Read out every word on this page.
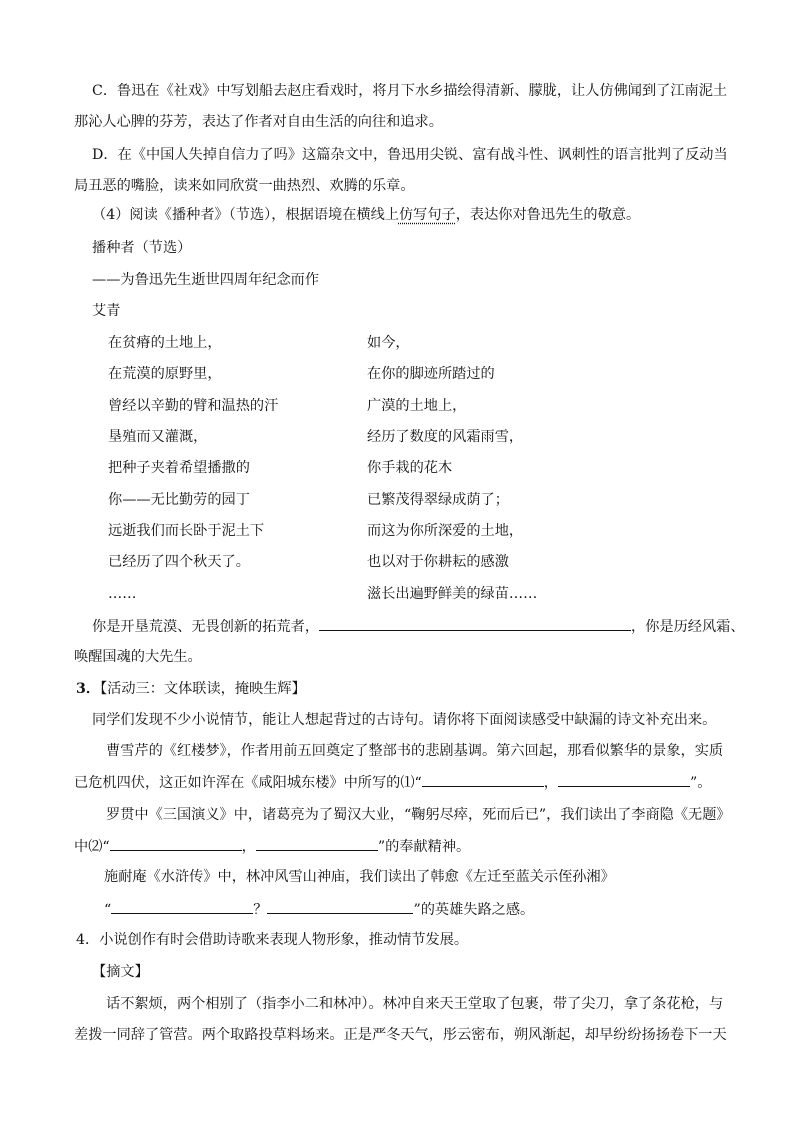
C．鲁迅在《社戏》中写划船去赵庄看戏时，将月下水乡描绘得清新、朦胧，让人仿佛闻到了江南泥土
那沁人心脾的芬芳，表达了作者对自由生活的向往和追求。
D．在《中国人失掉自信力了吗》这篇杂文中，鲁迅用尖锐、富有战斗性、讽刺性的语言批判了反动当
局丑恶的嘴脸，读来如同欣赏一曲热烈、欢腾的乐章。
（4）阅读《播种者》（节选），根据语境在横线上仿写句子，表达你对鲁迅先生的敬意。
播种者（节选）
——为鲁迅先生逝世四周年纪念而作
艾青
在贫瘠的土地上，
在荒漠的原野里，
曾经以辛勤的臂和温热的汗
垦殖而又灌溉，
把种子夹着希望播撒的
你——无比勤劳的园丁
远逝我们而长卧于泥土下
已经历了四个秋天了。
……
如今，
在你的脚迹所踏过的
广漠的土地上，
经历了数度的风霜雨雪，
你手栽的花木
已繁茂得翠绿成荫了；
而这为你所深爱的土地，
也以对于你耕耘的感激
滋长出遍野鲜美的绿苗……
你是开垦荒漠、无畏创新的拓荒者，	，你是历经风霜、
唤醒国魂的大先生。
3．【活动三：文体联读，掩映生辉】
同学们发现不少小说情节，能让人想起背过的古诗句。请你将下面阅读感受中缺漏的诗文补充出来。
曹雪芹的《红楼梦》，作者用前五回奠定了整部书的悲剧基调。第六回起，那看似繁华的景象，实质
已危机四伏，这正如许浑在《咸阳城东楼》中所写的⑴“	，	”。
罗贯中《三国演义》中，诸葛亮为了蜀汉大业，“鞠躬尽瘁，死而后已”，我们读出了李商隐《无题》
中⑵“	，	”的奉献精神。
施耐庵《水浒传》中，林冲风雪山神庙，我们读出了韩愈《左迁至蓝关示侄孙湘》
“	？	”的英雄失路之感。
4．小说创作有时会借助诗歌来表现人物形象，推动情节发展。
【摘文】
话不絮烦，两个相别了（指李小二和林冲）。林冲自来天王堂取了包裹，带了尖刀，拿了条花枪，与
差拨一同辞了管营。两个取路投草料场来。正是严冬天气，彤云密布，朔风渐起，却早纷纷扬扬卷下一天
